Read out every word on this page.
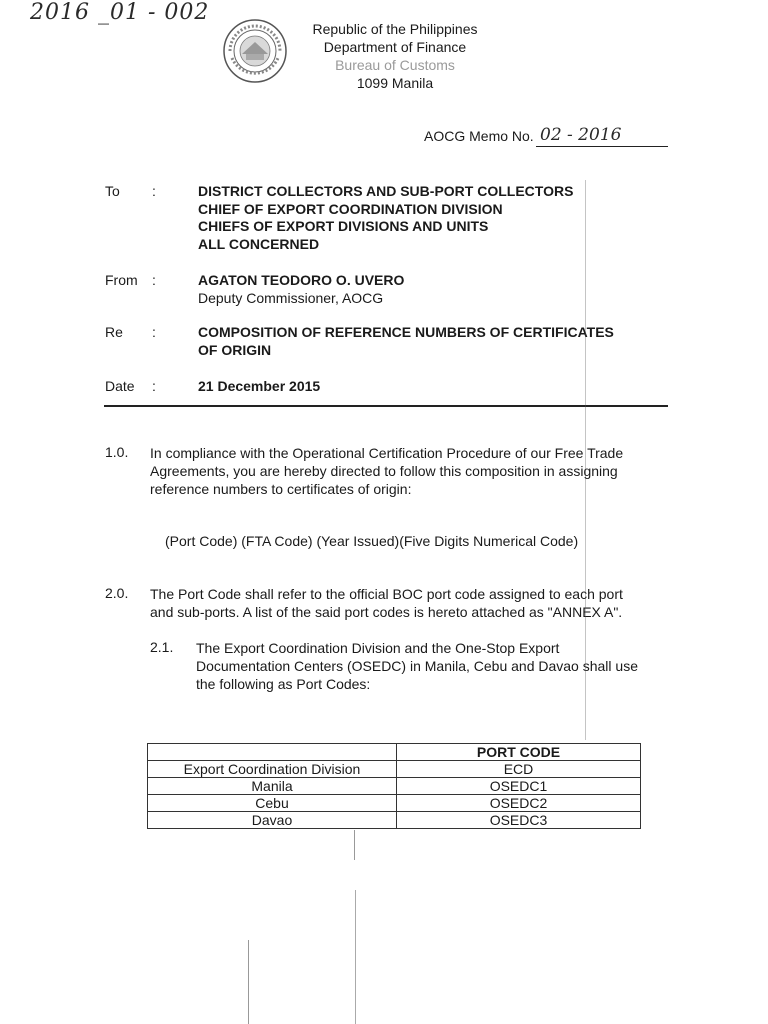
2016 _01 - 002
Republic of the Philippines
Department of Finance
Bureau of Customs
1099 Manila
AOCG Memo No. 02 - 2016
To	:	DISTRICT COLLECTORS AND SUB-PORT COLLECTORS
CHIEF OF EXPORT COORDINATION DIVISION
CHIEFS OF EXPORT DIVISIONS AND UNITS
ALL CONCERNED
From	:	AGATON TEODORO O. UVERO
Deputy Commissioner, AOCG
Re	:	COMPOSITION OF REFERENCE NUMBERS OF CERTIFICATES
OF ORIGIN
Date	:	21 December 2015
1.0. In compliance with the Operational Certification Procedure of our Free Trade
Agreements, you are hereby directed to follow this composition in assigning
reference numbers to certificates of origin:
(Port Code) (FTA Code) (Year Issued)(Five Digits Numerical Code)
2.0. The Port Code shall refer to the official BOC port code assigned to each port
and sub-ports. A list of the said port codes is hereto attached as "ANNEX A".
2.1. The Export Coordination Division and the One-Stop Export
Documentation Centers (OSEDC) in Manila, Cebu and Davao shall use
the following as Port Codes:
	PORT CODE
Export Coordination Division	ECD
Manila	OSEDC1
Cebu	OSEDC2
Davao	OSEDC3
